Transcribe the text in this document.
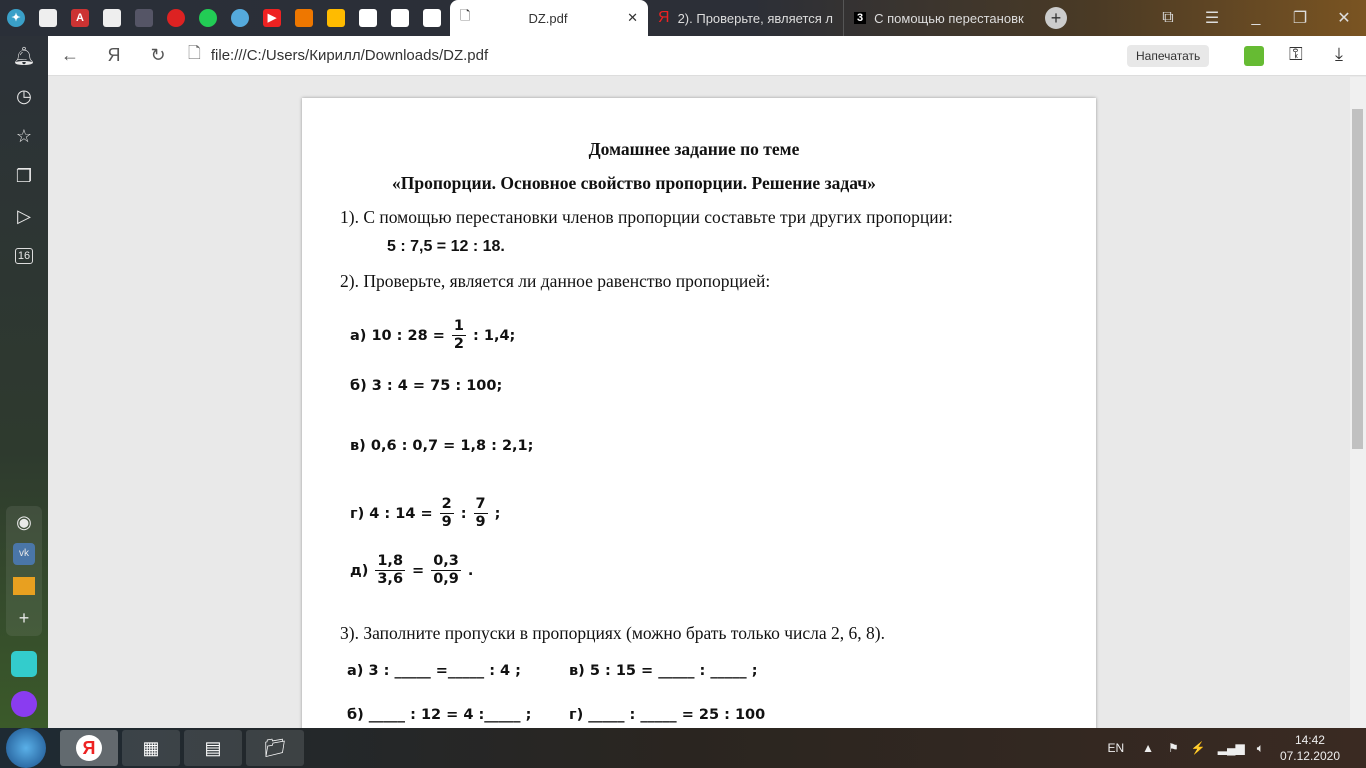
✦	A	▶	🗋	DZ.pdf	✕ Я 2). Проверьте, является л 3 С помощью перестановк	+	⧉	☰	_	❐	✕
🔔︎
◷
☆
❐
▷
16
◉
vk
+
←	Я	↻	🗋 file:///C:/Users/Кирилл/Downloads/DZ.pdf	Напечатать	⚿ ⤓
Домашнее задание по теме
«Пропорции. Основное свойство пропорции. Решение задач»
1). С помощью перестановки членов пропорции составьте три других пропорции:
5 : 7,5 = 12 : 18.
2). Проверьте, является ли данное равенство пропорцией:
а) 10 : $28 = \frac{1}{2}$ : 1,4;
б) 3 : 4 = 75 : 100;
в) 0,6 : 0,7 = 1,8 : 2,1;
г) 4 : $14 = \frac{2}{9}$ : $\frac{7}{9}$ ;
$д) \frac{1,8}{3,6} = \frac{0,3}{0,9}$ .
3). Заполните пропуски в пропорциях (можно брать только числа 2, 6, 8).
а) 3 : _____ =_____ : 4 ;	в) 5 : 15 = _____ : _____ ;
б) _____ : 12 = 4 :_____ ;	г) _____ : _____ = 25 : 100
Я	▦	▤	📁︎	EN ▲ ⚑ ⚡ ▂▄▆ 🔈︎
14:42
07.12.2020
